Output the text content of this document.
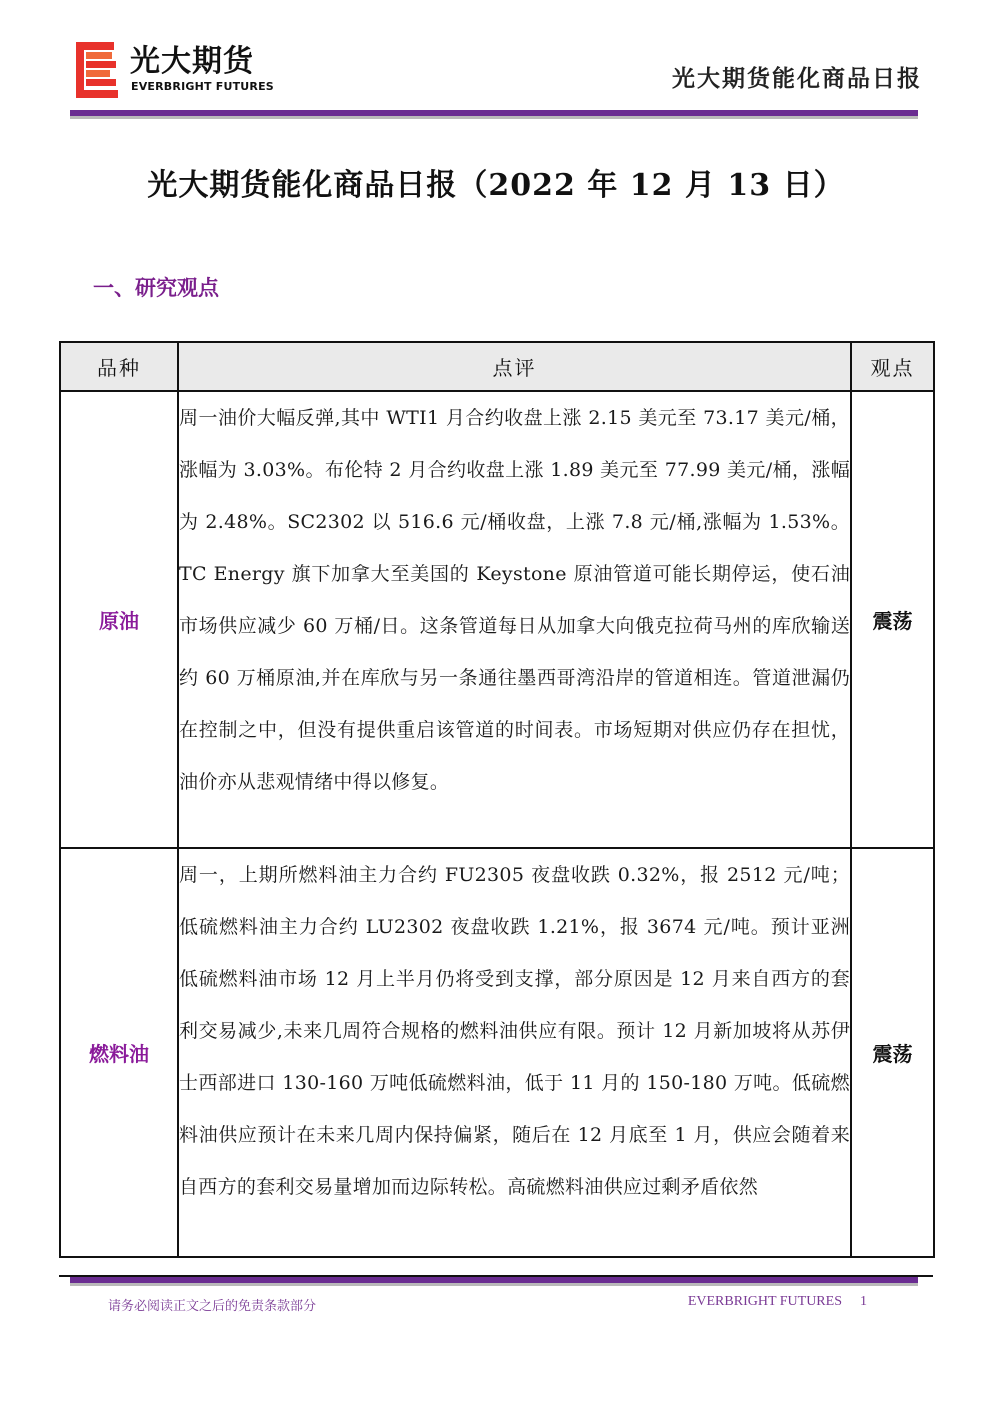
光大期货
EVERBRIGHT FUTURES	光大期货能化商品日报
光大期货能化商品日报（2022 年 12 月 13 日）
一、研究观点
品种	点评	观点
原油	周一油价大幅反弹,其中 WTI1 月合约收盘上涨 2.15 美元至 73.17 美元/桶，涨幅为 3.03%。布伦特 2 月合约收盘上涨 1.89 美元至 77.99 美元/桶，涨幅为 2.48%。SC2302 以 516.6 元/桶收盘，上涨 7.8 元/桶,涨幅为 1.53%。TC Energy 旗下加拿大至美国的 Keystone 原油管道可能长期停运，使石油市场供应减少 60 万桶/日。这条管道每日从加拿大向俄克拉荷马州的库欣输送约 60 万桶原油,并在库欣与另一条通往墨西哥湾沿岸的管道相连。管道泄漏仍在控制之中，但没有提供重启该管道的时间表。市场短期对供应仍存在担忧，油价亦从悲观情绪中得以修复。	震荡
燃料油	周一，上期所燃料油主力合约 FU2305 夜盘收跌 0.32%，报 2512 元/吨；低硫燃料油主力合约 LU2302 夜盘收跌 1.21%，报 3674 元/吨。预计亚洲低硫燃料油市场 12 月上半月仍将受到支撑，部分原因是 12 月来自西方的套利交易减少,未来几周符合规格的燃料油供应有限。预计 12 月新加坡将从苏伊士西部进口 130-160 万吨低硫燃料油，低于 11 月的 150-180 万吨。低硫燃料油供应预计在未来几周内保持偏紧，随后在 12 月底至 1 月，供应会随着来自西方的套利交易量增加而边际转松。高硫燃料油供应过剩矛盾依然	震荡
请务必阅读正文之后的免责条款部分	EVERBRIGHT FUTURES 1
